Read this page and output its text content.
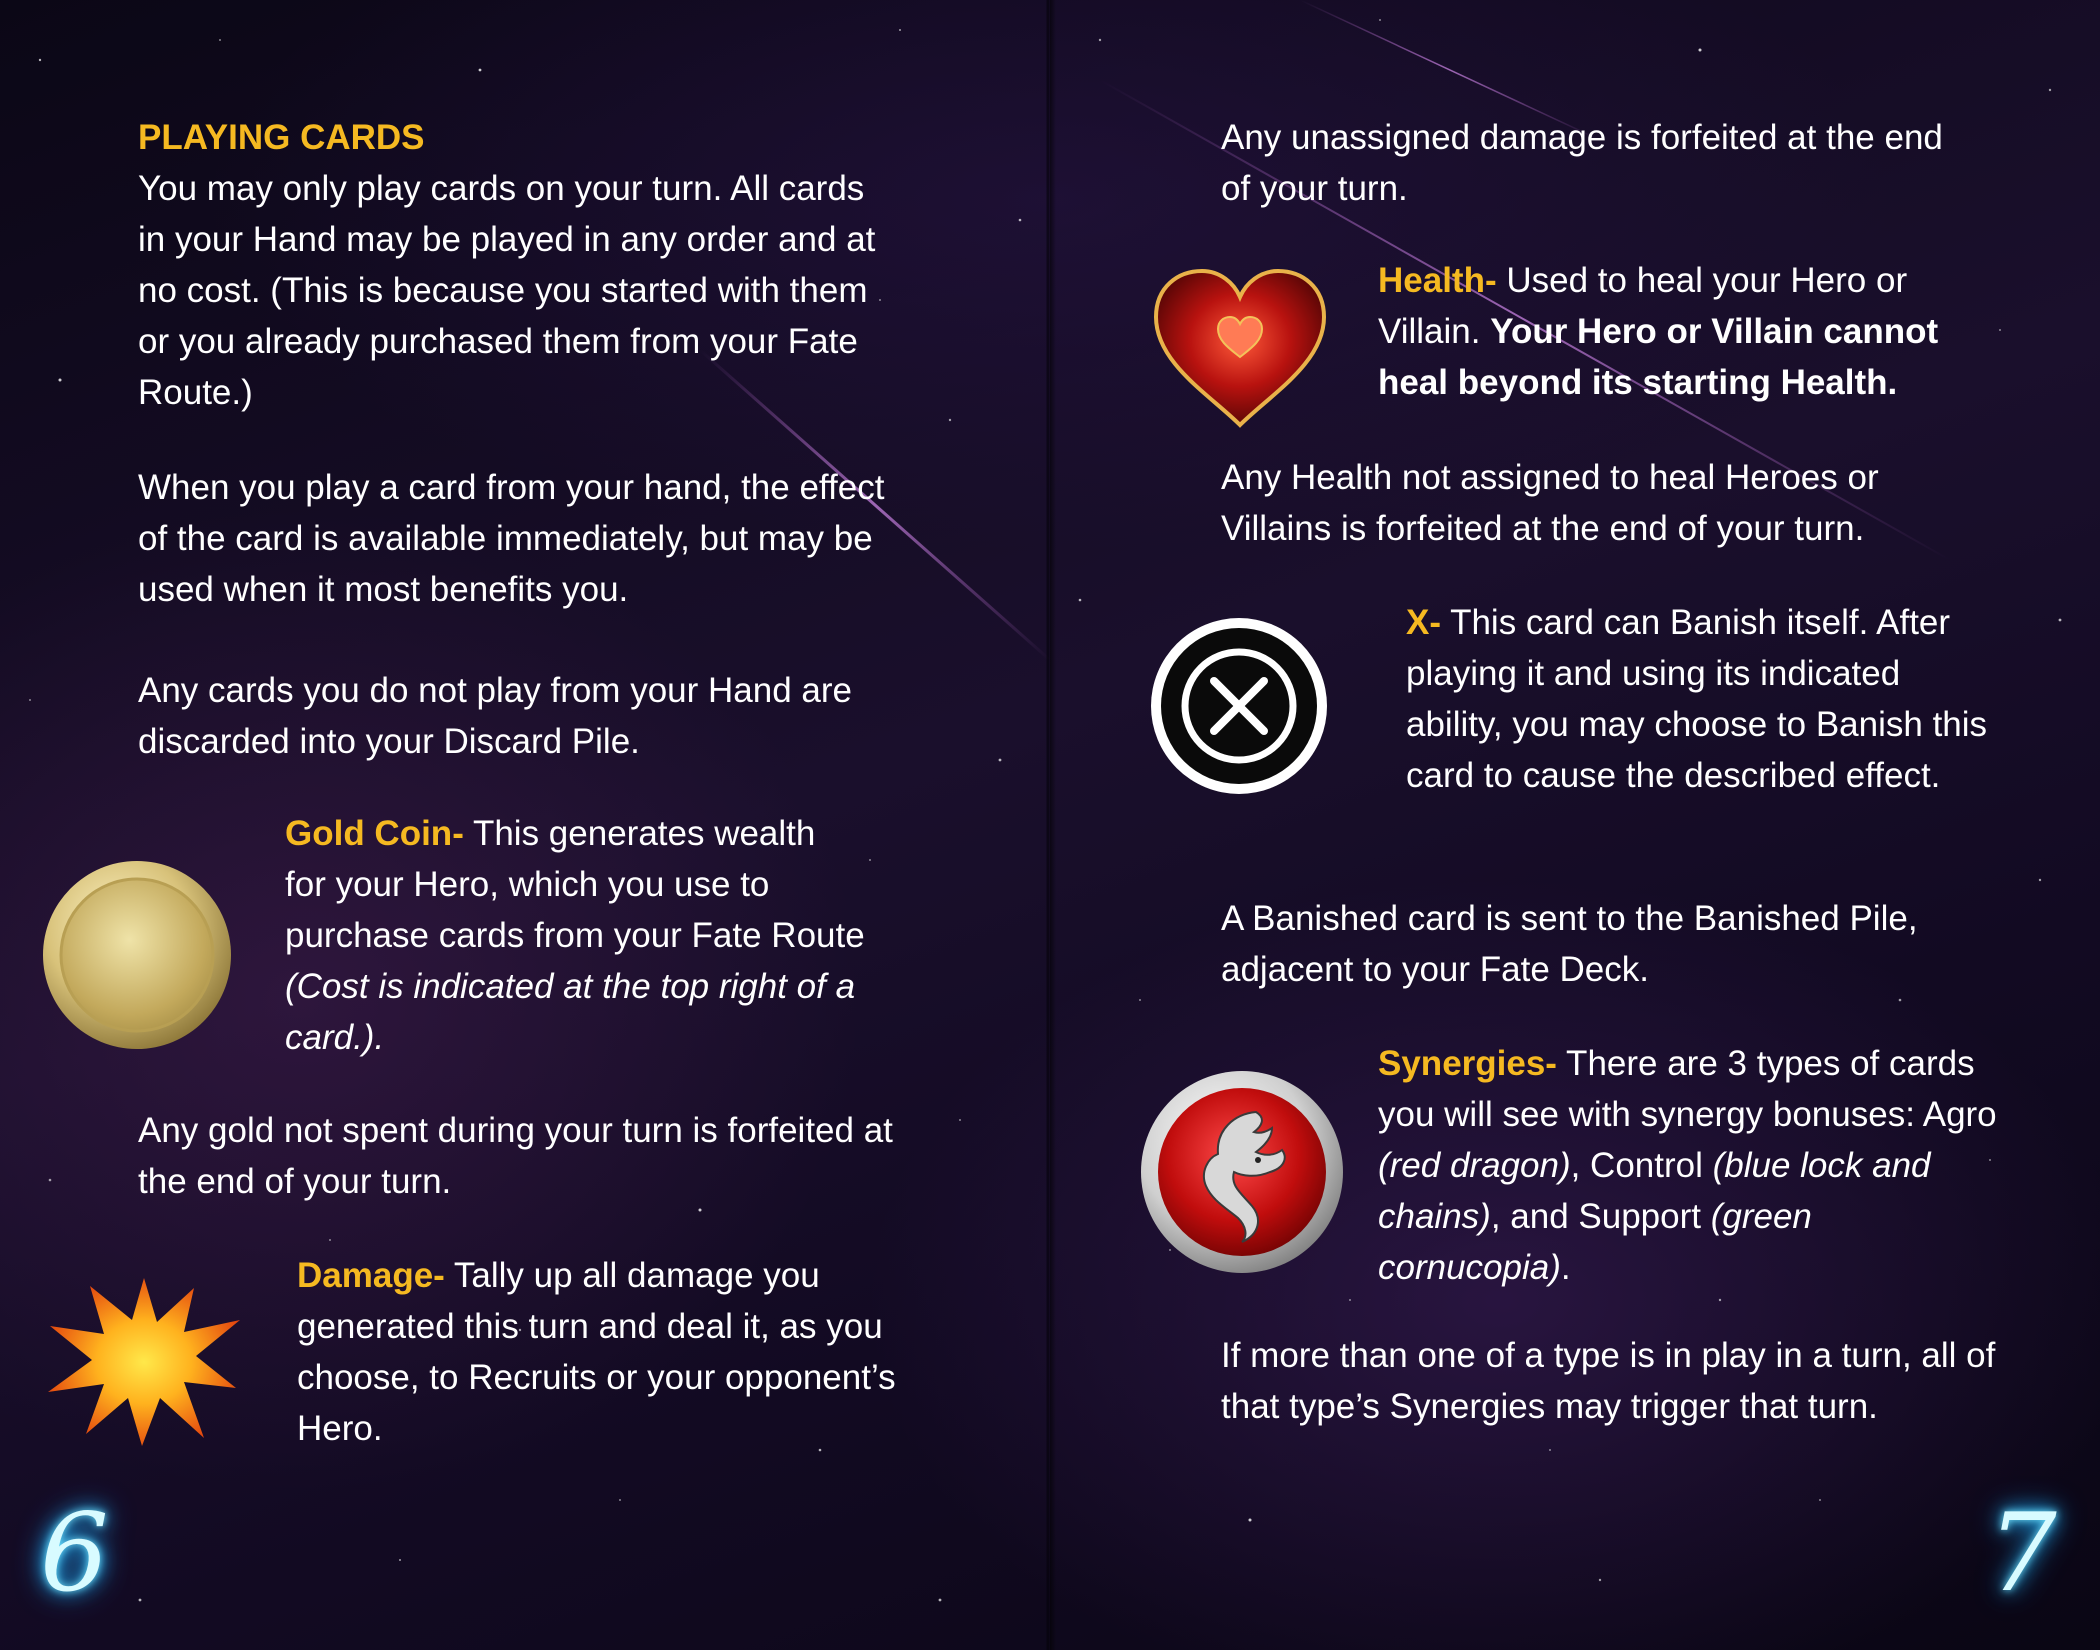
PLAYING CARDS

You may only play cards on your turn. All cards in your Hand may be played in any order and at no cost. (This is because you started with them or you already purchased them from your Fate Route.)

When you play a card from your hand, the effect of the card is available immediately, but may be used when it most benefits you.
Any cards you do not play from your Hand are discarded into your Discard Pile.
Gold Coin- This generates wealth for your Hero, which you use to purchase cards from your Fate Route (Cost is indicated at the top right of a card.).
Any gold not spent during your turn is forfeited at the end of your turn.
Damage- Tally up all damage you generated this turn and deal it, as you choose, to Recruits or your opponent’s Hero.
6
Any unassigned damage is forfeited at the end of your turn.
Health- Used to heal your Hero or Villain. Your Hero or Villain cannot heal beyond its starting Health.
Any Health not assigned to heal Heroes or Villains is forfeited at the end of your turn.
X- This card can Banish itself. After playing it and using its indicated ability, you may choose to Banish this card to cause the described effect.
A Banished card is sent to the Banished Pile, adjacent to your Fate Deck.
Synergies- There are 3 types of cards you will see with synergy bonuses: Agro (red dragon), Control (blue lock and chains), and Support (green cornucopia).
If more than one of a type is in play in a turn, all of that type’s Synergies may trigger that turn.
7
